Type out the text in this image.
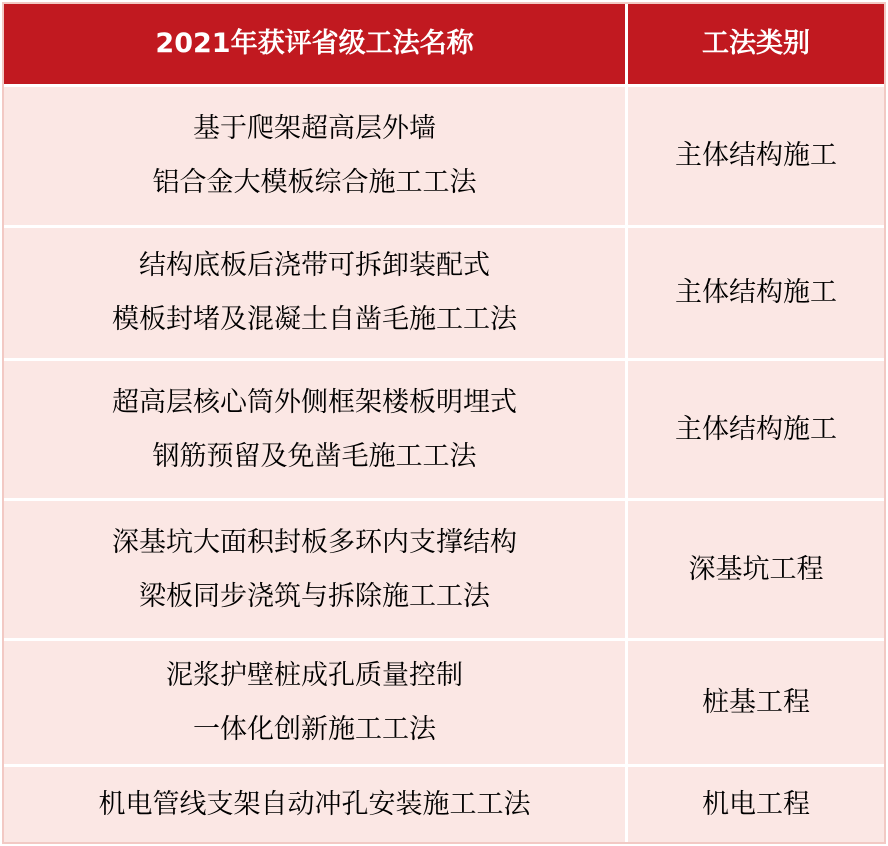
2021年获评省级工法名称	工法类别
基于爬架超高层外墙
铝合金大模板综合施工工法
主体结构施工
结构底板后浇带可拆卸装配式
模板封堵及混凝土自凿毛施工工法
主体结构施工
超高层核心筒外侧框架楼板明埋式
钢筋预留及免凿毛施工工法
主体结构施工
深基坑大面积封板多环内支撑结构
梁板同步浇筑与拆除施工工法
深基坑工程
泥浆护壁桩成孔质量控制
一体化创新施工工法
桩基工程
机电管线支架自动冲孔安装施工工法	机电工程
